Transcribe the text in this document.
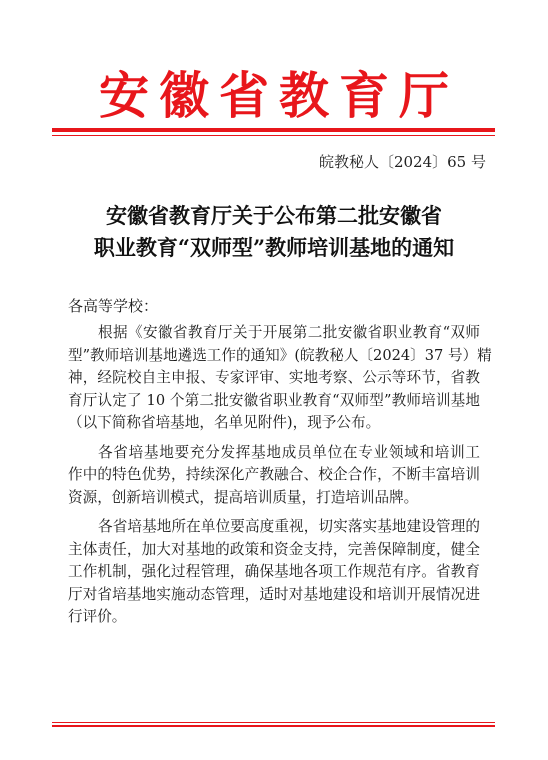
安徽省教育厅
皖教秘人〔2024〕65 号
安徽省教育厅关于公布第二批安徽省
职业教育“双师型”教师培训基地的通知
各高等学校：
根据《安徽省教育厅关于开展第二批安徽省职业教育“双师
型”教师培训基地遴选工作的通知》(皖教秘人〔2024〕37 号）精
神，经院校自主申报、专家评审、实地考察、公示等环节，省教
育厅认定了 10 个第二批安徽省职业教育“双师型”教师培训基地
（以下简称省培基地，名单见附件)，现予公布。
各省培基地要充分发挥基地成员单位在专业领域和培训工
作中的特色优势，持续深化产教融合、校企合作，不断丰富培训
资源，创新培训模式，提高培训质量，打造培训品牌。
各省培基地所在单位要高度重视，切实落实基地建设管理的
主体责任，加大对基地的政策和资金支持，完善保障制度，健全
工作机制，强化过程管理，确保基地各项工作规范有序。省教育
厅对省培基地实施动态管理，适时对基地建设和培训开展情况进
行评价。
